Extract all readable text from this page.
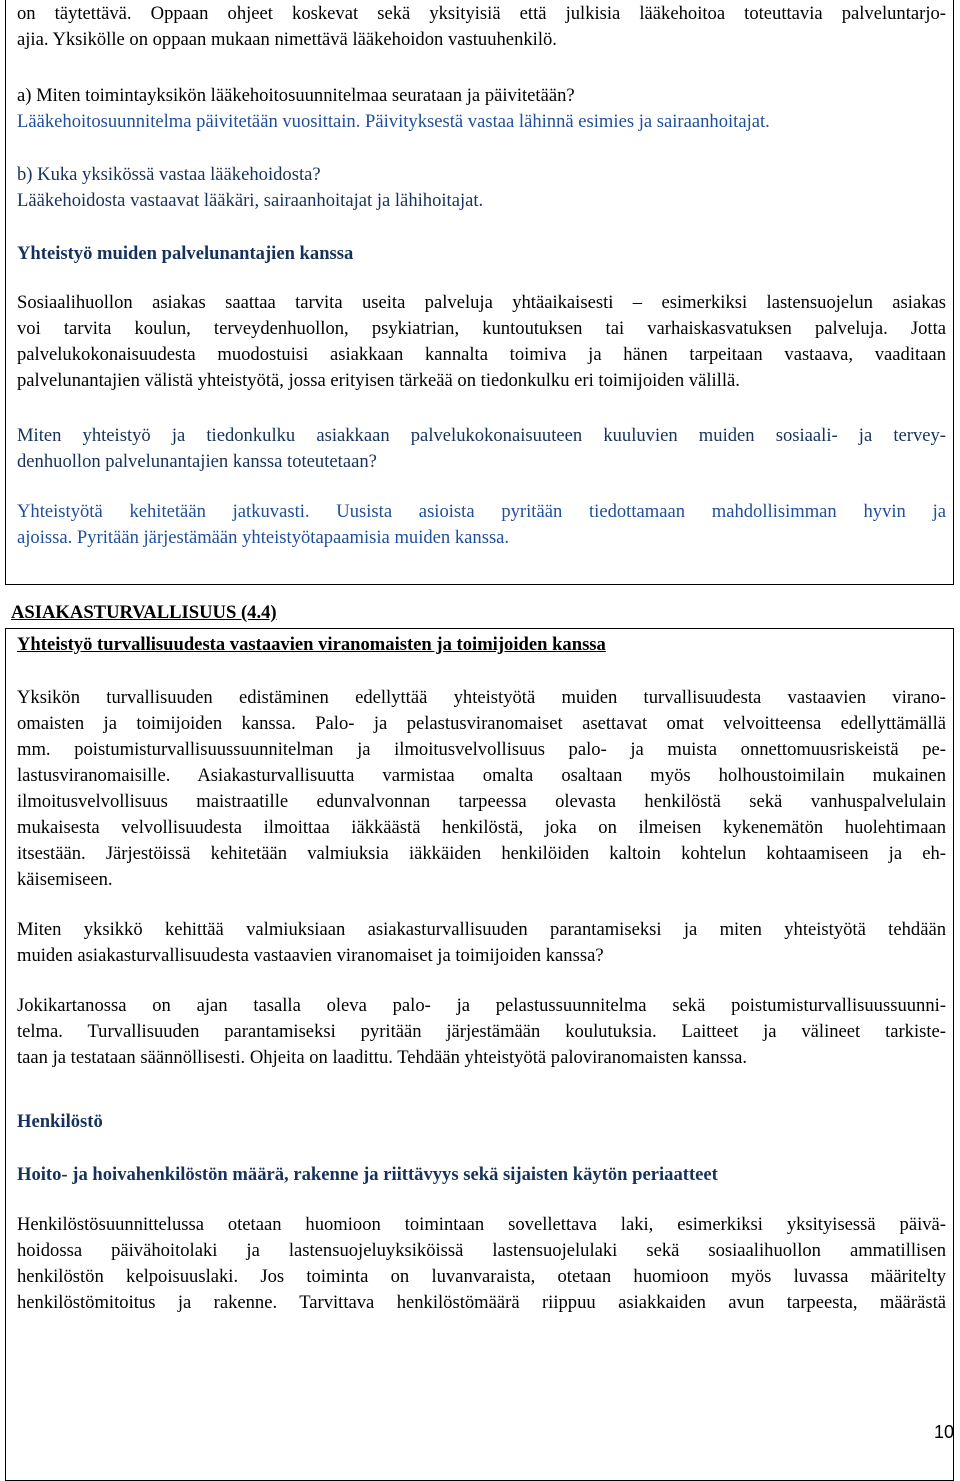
on täytettävä. Oppaan ohjeet koskevat sekä yksityisiä että julkisia lääkehoitoa toteuttavia palveluntarjo-

ajia. Yksikölle on oppaan mukaan nimettävä lääkehoidon vastuuhenkilö.

a) Miten toimintayksikön lääkehoitosuunnitelmaa seurataan ja päivitetään?

Lääkehoitosuunnitelma päivitetään vuosittain. Päivityksestä vastaa lähinnä esimies ja sairaanhoitajat.

b) Kuka yksikössä vastaa lääkehoidosta?

Lääkehoidosta vastaavat lääkäri, sairaanhoitajat ja lähihoitajat.

Yhteistyö muiden palvelunantajien kanssa

Sosiaalihuollon asiakas saattaa tarvita useita palveluja yhtäaikaisesti – esimerkiksi lastensuojelun asiakas
voi tarvita koulun, terveydenhuollon, psykiatrian, kuntoutuksen tai varhaiskasvatuksen palveluja. Jotta
palvelukokonaisuudesta muodostuisi asiakkaan kannalta toimiva ja hänen tarpeitaan vastaava, vaaditaan
palvelunantajien välistä yhteistyötä, jossa erityisen tärkeää on tiedonkulku eri toimijoiden välillä.
Miten yhteistyö ja tiedonkulku asiakkaan palvelukokonaisuuteen kuuluvien muiden sosiaali- ja tervey-
denhuollon palvelunantajien kanssa toteutetaan?
Yhteistyötä kehitetään jatkuvasti. Uusista asioista pyritään tiedottamaan mahdollisimman hyvin ja
ajoissa. Pyritään järjestämään yhteistyötapaamisia muiden kanssa.

ASIAKASTURVALLISUUS (4.4)

Yhteistyö turvallisuudesta vastaavien viranomaisten ja toimijoiden kanssa

Yksikön turvallisuuden edistäminen edellyttää yhteistyötä muiden turvallisuudesta vastaavien virano-
omaisten ja toimijoiden kanssa. Palo- ja pelastusviranomaiset asettavat omat velvoitteensa edellyttämällä
mm. poistumisturvallisuussuunnitelman ja ilmoitusvelvollisuus palo- ja muista onnettomuusriskeistä pe-
lastusviranomaisille. Asiakasturvallisuutta varmistaa omalta osaltaan myös holhoustoimilain mukainen
ilmoitusvelvollisuus maistraatille edunvalvonnan tarpeessa olevasta henkilöstä sekä vanhuspalvelulain
mukaisesta velvollisuudesta ilmoittaa iäkkäästä henkilöstä, joka on ilmeisen kykenemätön huolehtimaan
itsestään. Järjestöissä kehitetään valmiuksia iäkkäiden henkilöiden kaltoin kohtelun kohtaamiseen ja eh-
käisemiseen.
Miten yksikkö kehittää valmiuksiaan asiakasturvallisuuden parantamiseksi ja miten yhteistyötä tehdään
muiden asiakasturvallisuudesta vastaavien viranomaiset ja toimijoiden kanssa?
Jokikartanossa on ajan tasalla oleva palo- ja pelastussuunnitelma sekä poistumisturvallisuussuunni-
telma. Turvallisuuden parantamiseksi pyritään järjestämään koulutuksia. Laitteet ja välineet tarkiste-
taan ja testataan säännöllisesti. Ohjeita on laadittu. Tehdään yhteistyötä paloviranomaisten kanssa.

Henkilöstö

Hoito- ja hoivahenkilöstön määrä, rakenne ja riittävyys sekä sijaisten käytön periaatteet

Henkilöstösuunnittelussa otetaan huomioon toimintaan sovellettava laki, esimerkiksi yksityisessä päivä-
hoidossa päivähoitolaki ja lastensuojeluyksiköissä lastensuojelulaki sekä sosiaalihuollon ammatillisen
henkilöstön kelpoisuuslaki. Jos toiminta on luvanvaraista, otetaan huomioon myös luvassa määritelty
henkilöstömitoitus ja rakenne. Tarvittava henkilöstömäärä riippuu asiakkaiden avun tarpeesta, määrästä
10
